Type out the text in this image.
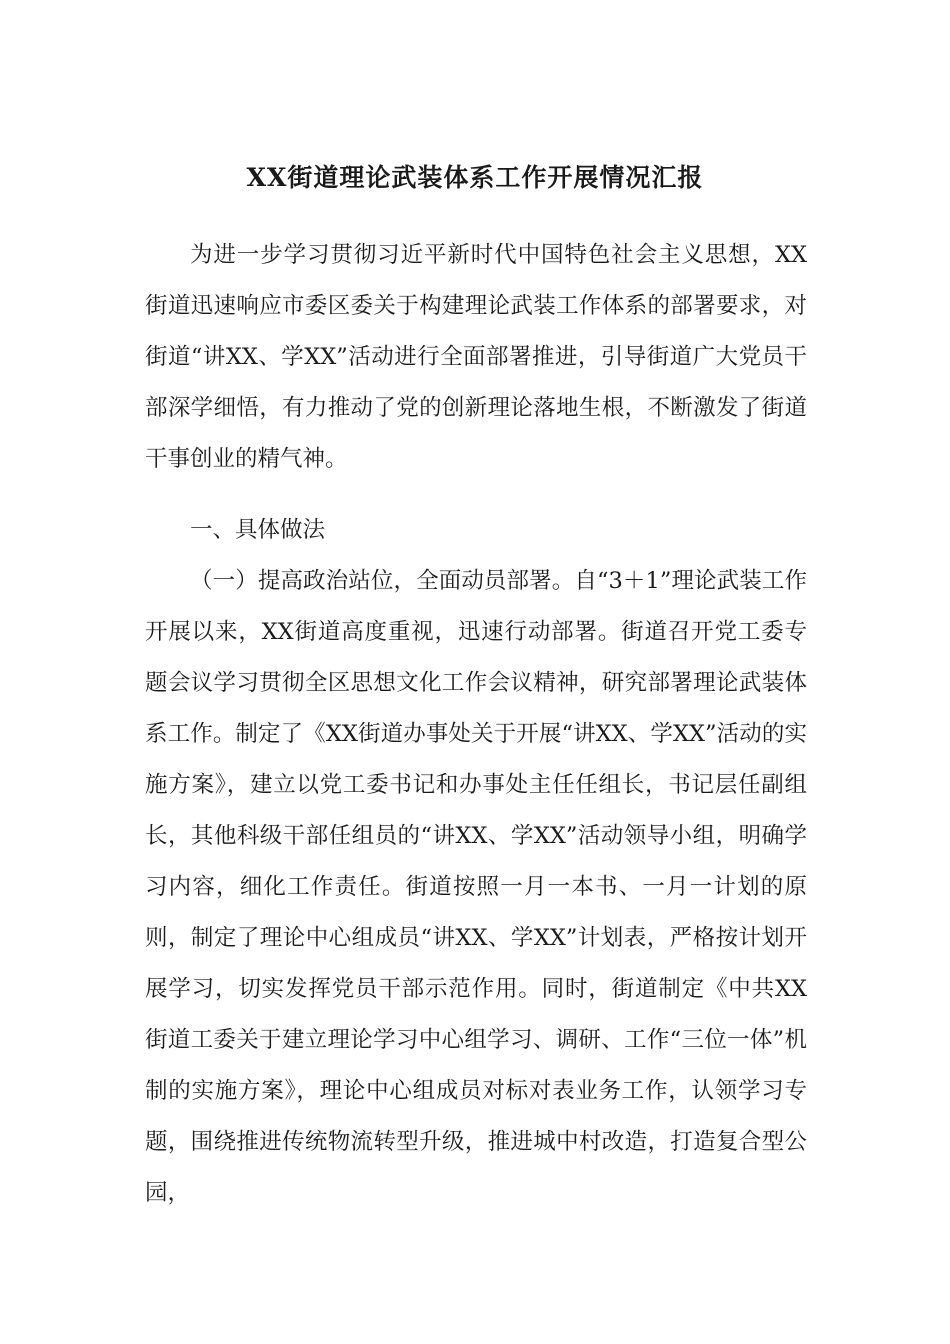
XX街道理论武装体系工作开展情况汇报

为进一步学习贯彻习近平新时代中国特色社会主义思想，XX街道迅速响应市委区委关于构建理论武装工作体系的部署要求，对街道“讲XX、学XX”活动进行全面部署推进，引导街道广大党员干部深学细悟，有力推动了党的创新理论落地生根，不断激发了街道干事创业的精气神。

一、具体做法

（一）提高政治站位，全面动员部署。自“3＋1”理论武装工作开展以来，XX街道高度重视，迅速行动部署。街道召开党工委专题会议学习贯彻全区思想文化工作会议精神，研究部署理论武装体系工作。制定了《XX街道办事处关于开展“讲XX、学XX”活动的实施方案》，建立以党工委书记和办事处主任任组长，书记层任副组长，其他科级干部任组员的“讲XX、学XX”活动领导小组，明确学习内容，细化工作责任。街道按照一月一本书、一月一计划的原则，制定了理论中心组成员“讲XX、学XX”计划表，严格按计划开展学习，切实发挥党员干部示范作用。同时，街道制定《中共XX街道工委关于建立理论学习中心组学习、调研、工作“三位一体”机制的实施方案》，理论中心组成员对标对表业务工作，认领学习专题，围绕推进传统物流转型升级，推进城中村改造，打造复合型公园，
